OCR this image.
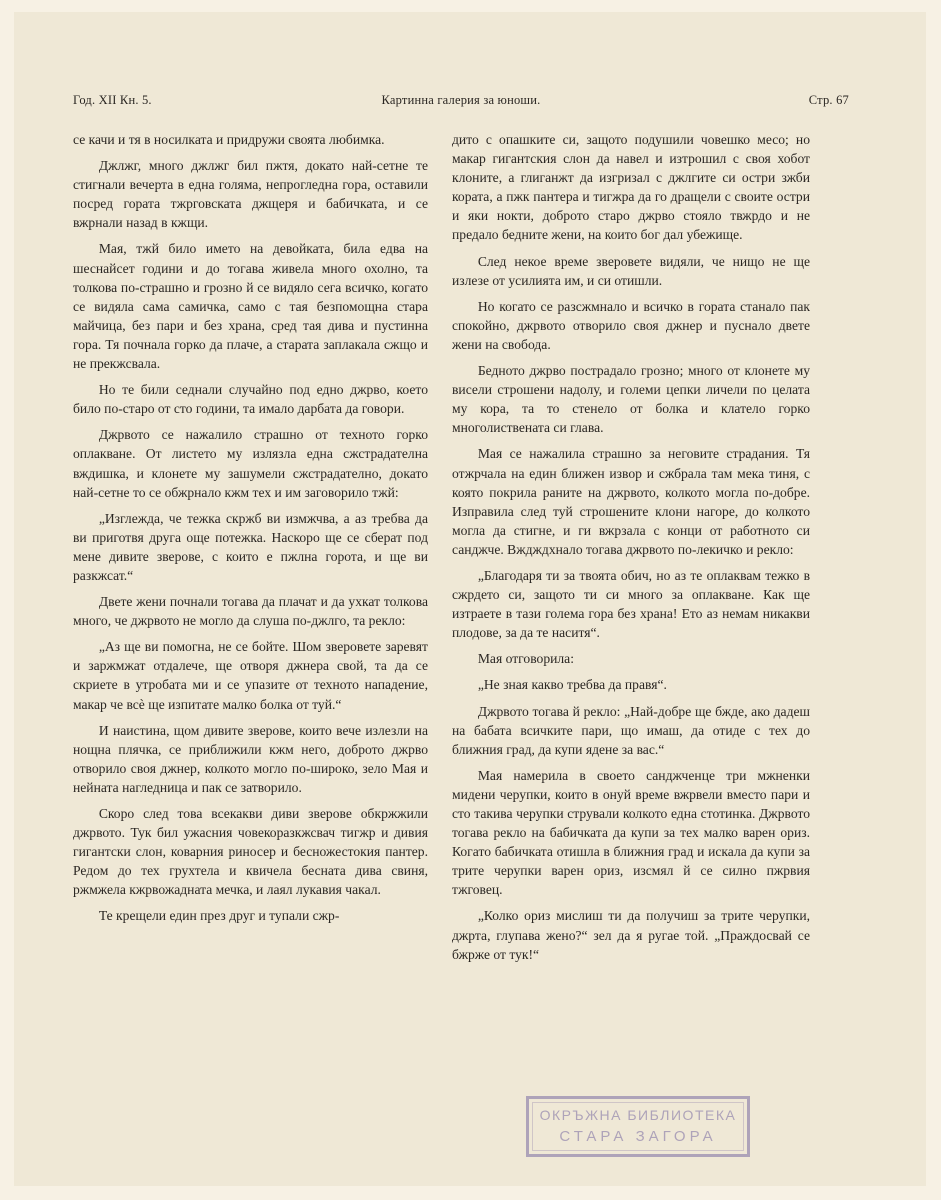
Год. XII Кн. 5.	Картинна галерия за юноши.	Стр. 67

се качи и тя в носилката и придружи своята любимка.

Джлжг, много джлжг бил пжтя, докато най-сетне те стигнали вечерта в една голяма, непрогледна гора, оставили посред гората тжрговската джщеря и бабичката, и се вжрнали назад в кжщи.

Мая, тжй било името на девойката, била едва на шеснайсет години и до тогава живела много охолно, та толкова по-страшно и грозно й се видяло сега всичко, когато се видяла сама самичка, само с тая безпомощна стара майчица, без пари и без храна, сред тая дива и пустинна гора. Тя почнала горко да плаче, а старата заплакала сжщо и не прекжсвала.

Но те били седнали случайно под едно джрво, което било по-старо от сто години, та имало дарбата да говори.

Джрвото се нажалило страшно от техното горко оплакване. От листето му излязла една сжстрадателна вждишка, и клонете му зашумели сжстрадателно, докато най-сетне то се обжрнало кжм тех и им заговорило тжй:

„Изглежда, че тежка скржб ви измжчва, а аз требва да ви приготвя друга още потежка. Наскоро ще се сберат под мене дивите зверове, с които е пжлна горота, и ще ви разкжсат.“

Двете жени почнали тогава да плачат и да ухкат толкова много, че джрвото не могло да слуша по-джлго, та рекло:

„Аз ще ви помогна, не се бойте. Шом зверовете заревят и заржмжат отдалече, ще отворя джнера свой, та да се скриете в утробата ми и се упазите от техното нападение, макар че всѐ ще изпитате малко болка от туй.“

И наистина, щом дивите зверове, които вече излезли на нощна плячка, се приближили кжм него, доброто джрво отворило своя джнер, колкото могло по-широко, зело Мая и нейната нагледница и пак се затворило.

Скоро след това всекакви диви зверове обкржжили джрвото. Тук бил ужасния човекоразкжсвач тигжр и дивия гигантски слон, коварния риносер и бесножестокия пантер. Редом до тех грухтела и квичела бесната дива свиня, ржмжела кжрвожадната мечка, и лаял лукавия чакал.

Те крещели един през друг и тупали сжр-

дито с опашките си, защото подушили човешко месо; но макар гигантския слон да навел и изтрошил с своя хобот клоните, а глиганжт да изгризал с джлгите си остри зжби кората, а пжк пантера и тигжра да го дращели с своите остри и яки нокти, доброто старо джрво стояло твжрдо и не предало бедните жени, на които бог дал убежище.

След некое време зверовете видяли, че нищо не ще излезе от усилията им, и си отишли.

Но когато се разсжмнало и всичко в гората станало пак спокойно, джрвото отворило своя джнер и пуснало двете жени на свобода.

Бедното джрво пострадало грозно; много от клонете му висели строшени надолу, и големи цепки личели по целата му кора, та то стенело от болка и клатело горко многолиствената си глава.

Мая се нажалила страшно за неговите страдания. Тя отжрчала на един ближен извор и сжбрала там мека тиня, с която покрила раните на джрвото, колкото могла по-добре. Изправила след туй строшените клони нагоре, до колкото могла да стигне, и ги вжрзала с конци от работното си санджче. Вждждхнало тогава джрвото по-лекичко и рекло:

„Благодаря ти за твоята обич, но аз те оплаквам тежко в сжрдето си, защото ти си много за оплакване. Как ще изтраете в тази голема гора без храна! Ето аз немам никакви плодове, за да те наситя“.

Мая отговорила:

„Не зная какво требва да правя“.

Джрвото тогава й рекло: „Най-добре ще бжде, ако дадеш на бабата всичките пари, що имаш, да отиде с тех до ближния град, да купи ядене за вас.“

Мая намерила в своето санджченце три мжненки мидени черупки, които в онуй време вжрвели вместо пари и сто такива черупки стрували колкото една стотинка. Джрвото тогава рекло на бабичката да купи за тех малко варен ориз. Когато бабичката отишла в ближния град и искала да купи за трите черупки варен ориз, изсмял й се силно пжрвия тжговец.

„Колко ориз мислиш ти да получиш за трите черупки, джрта, глупава жено?“ зел да я ругае той. „Праждосвай се бжрже от тук!“

ОКРЪЖНА БИБЛИОТЕКА
СТАРА ЗАГОРА
